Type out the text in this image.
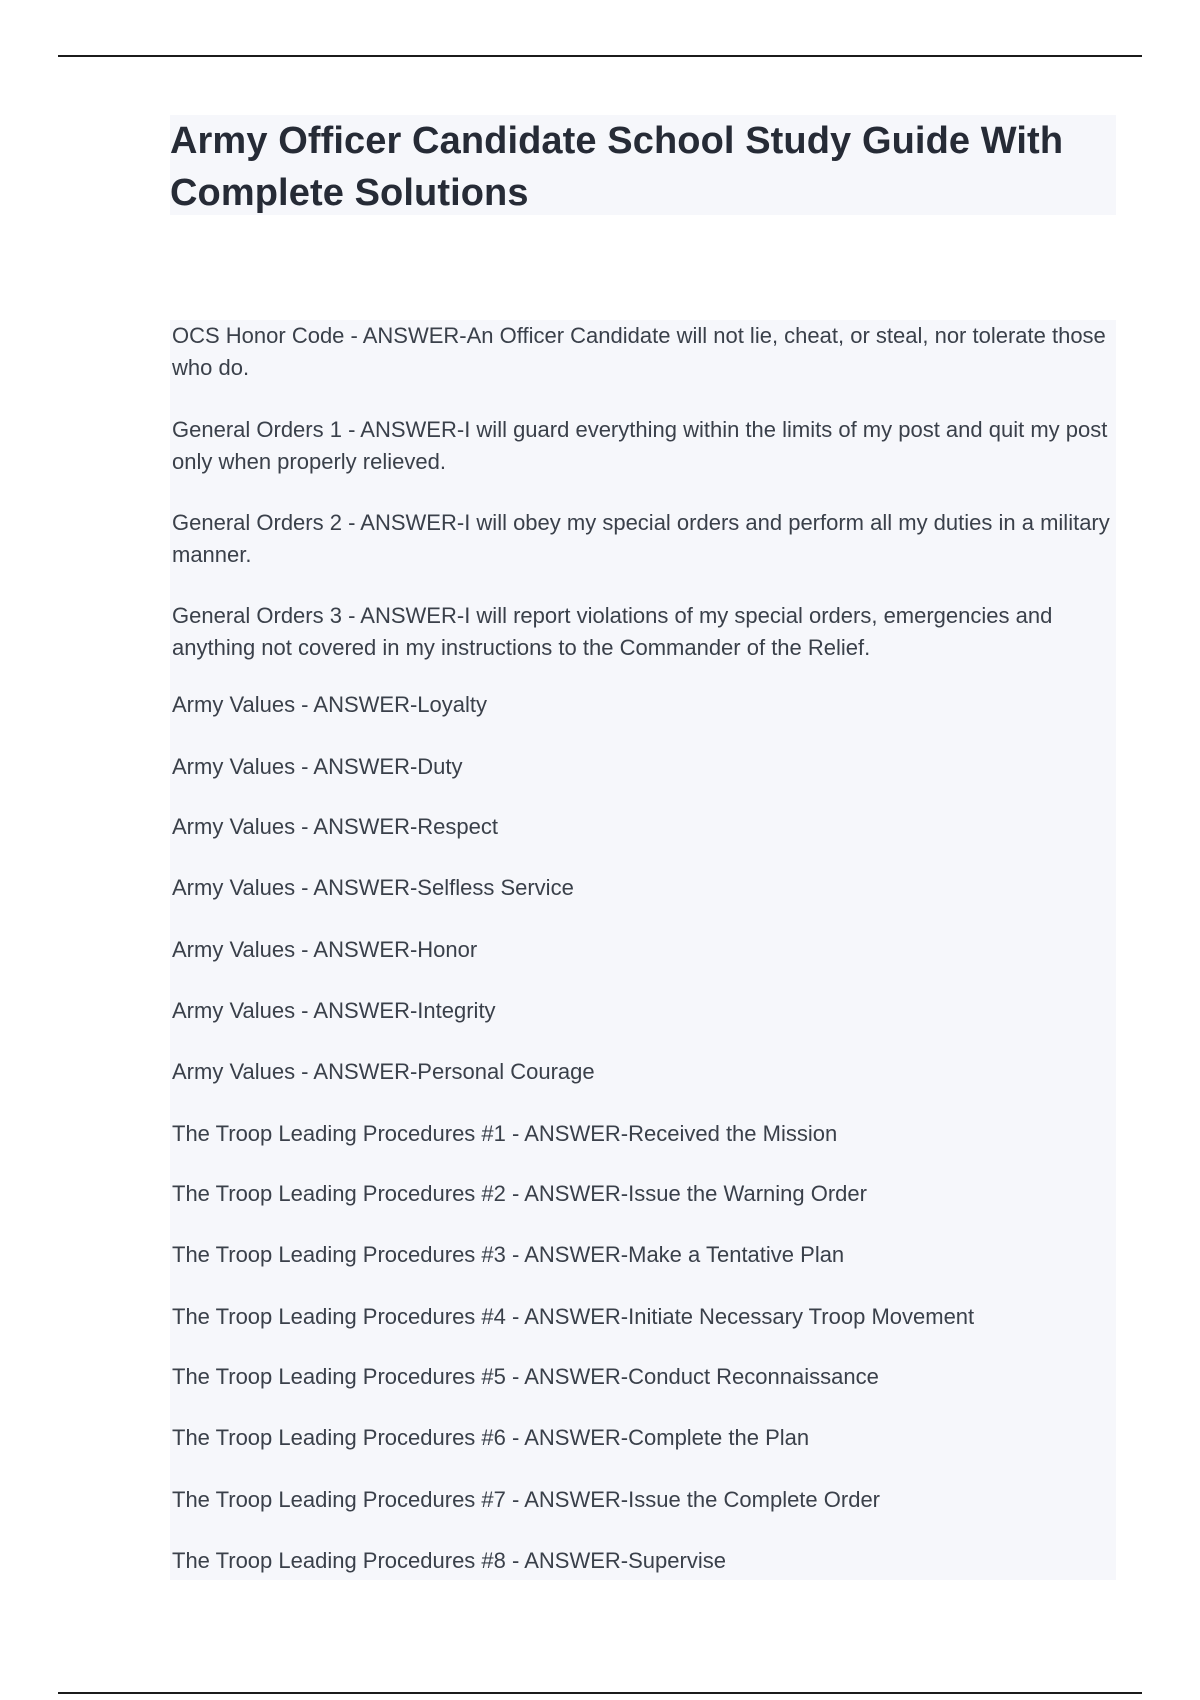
Army Officer Candidate School Study Guide With Complete Solutions

OCS Honor Code - ANSWER-An Officer Candidate will not lie, cheat, or steal, nor tolerate those who do.

General Orders 1 - ANSWER-I will guard everything within the limits of my post and quit my post only when properly relieved.

General Orders 2 - ANSWER-I will obey my special orders and perform all my duties in a military manner.

General Orders 3 - ANSWER-I will report violations of my special orders, emergencies and anything not covered in my instructions to the Commander of the Relief.

Army Values - ANSWER-Loyalty

Army Values - ANSWER-Duty

Army Values - ANSWER-Respect

Army Values - ANSWER-Selfless Service

Army Values - ANSWER-Honor

Army Values - ANSWER-Integrity

Army Values - ANSWER-Personal Courage

The Troop Leading Procedures #1 - ANSWER-Received the Mission

The Troop Leading Procedures #2 - ANSWER-Issue the Warning Order

The Troop Leading Procedures #3 - ANSWER-Make a Tentative Plan

The Troop Leading Procedures #4 - ANSWER-Initiate Necessary Troop Movement

The Troop Leading Procedures #5 - ANSWER-Conduct Reconnaissance

The Troop Leading Procedures #6 - ANSWER-Complete the Plan

The Troop Leading Procedures #7 - ANSWER-Issue the Complete Order

The Troop Leading Procedures #8 - ANSWER-Supervise
